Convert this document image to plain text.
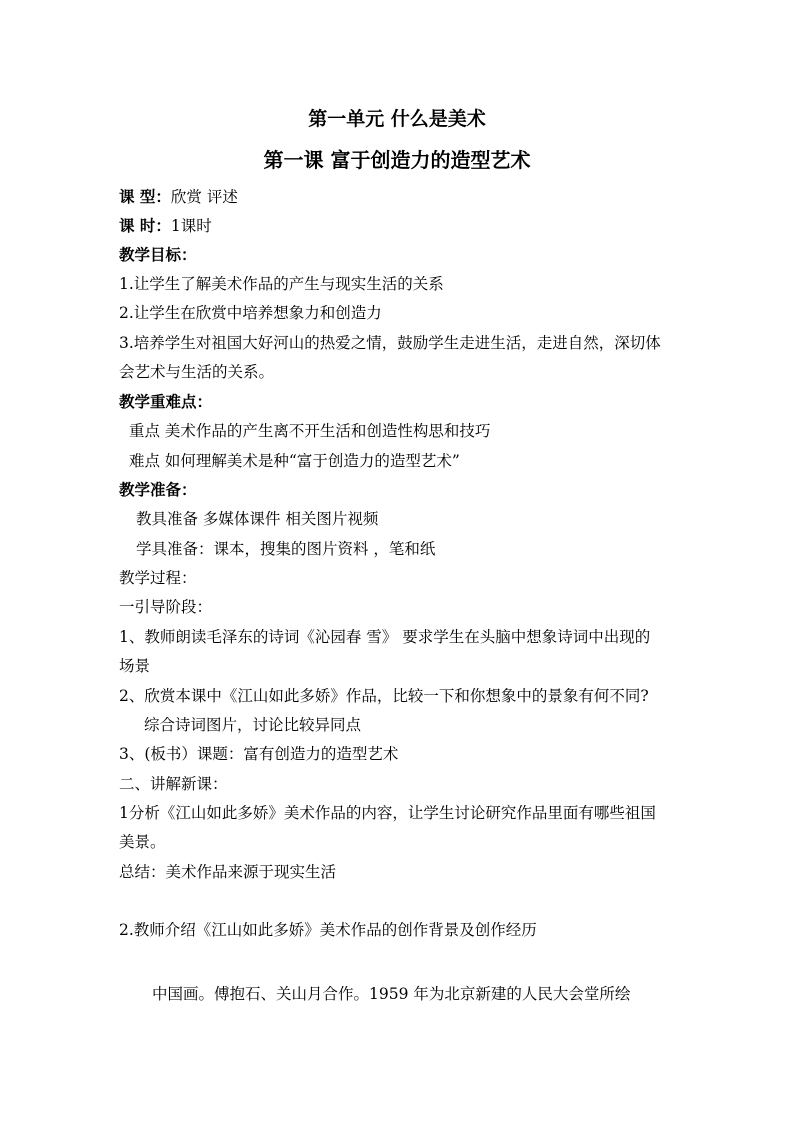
第一单元 什么是美术
第一课 富于创造力的造型艺术
课 型：欣赏 评述
课 时：1课时
教学目标：
1.让学生了解美术作品的产生与现实生活的关系
2.让学生在欣赏中培养想象力和创造力
3.培养学生对祖国大好河山的热爱之情，鼓励学生走进生活，走进自然，深切体
会艺术与生活的关系。
教学重难点：
重点 美术作品的产生离不开生活和创造性构思和技巧
难点 如何理解美术是种“富于创造力的造型艺术”
教学准备：
教具准备 多媒体课件 相关图片视频
学具准备：课本，搜集的图片资料 ，笔和纸
教学过程：
一引导阶段：
1、教师朗读毛泽东的诗词《沁园春 雪》 要求学生在头脑中想象诗词中出现的
场景
2、欣赏本课中《江山如此多娇》作品，比较一下和你想象中的景象有何不同?
综合诗词图片，讨论比较异同点
3、(板书）课题：富有创造力的造型艺术
二、讲解新课：
1分析《江山如此多娇》美术作品的内容，让学生讨论研究作品里面有哪些祖国
美景。
总结：美术作品来源于现实生活
2.教师介绍《江山如此多娇》美术作品的创作背景及创作经历
中国画。傅抱石、关山月合作。1959 年为北京新建的人民大会堂所绘
